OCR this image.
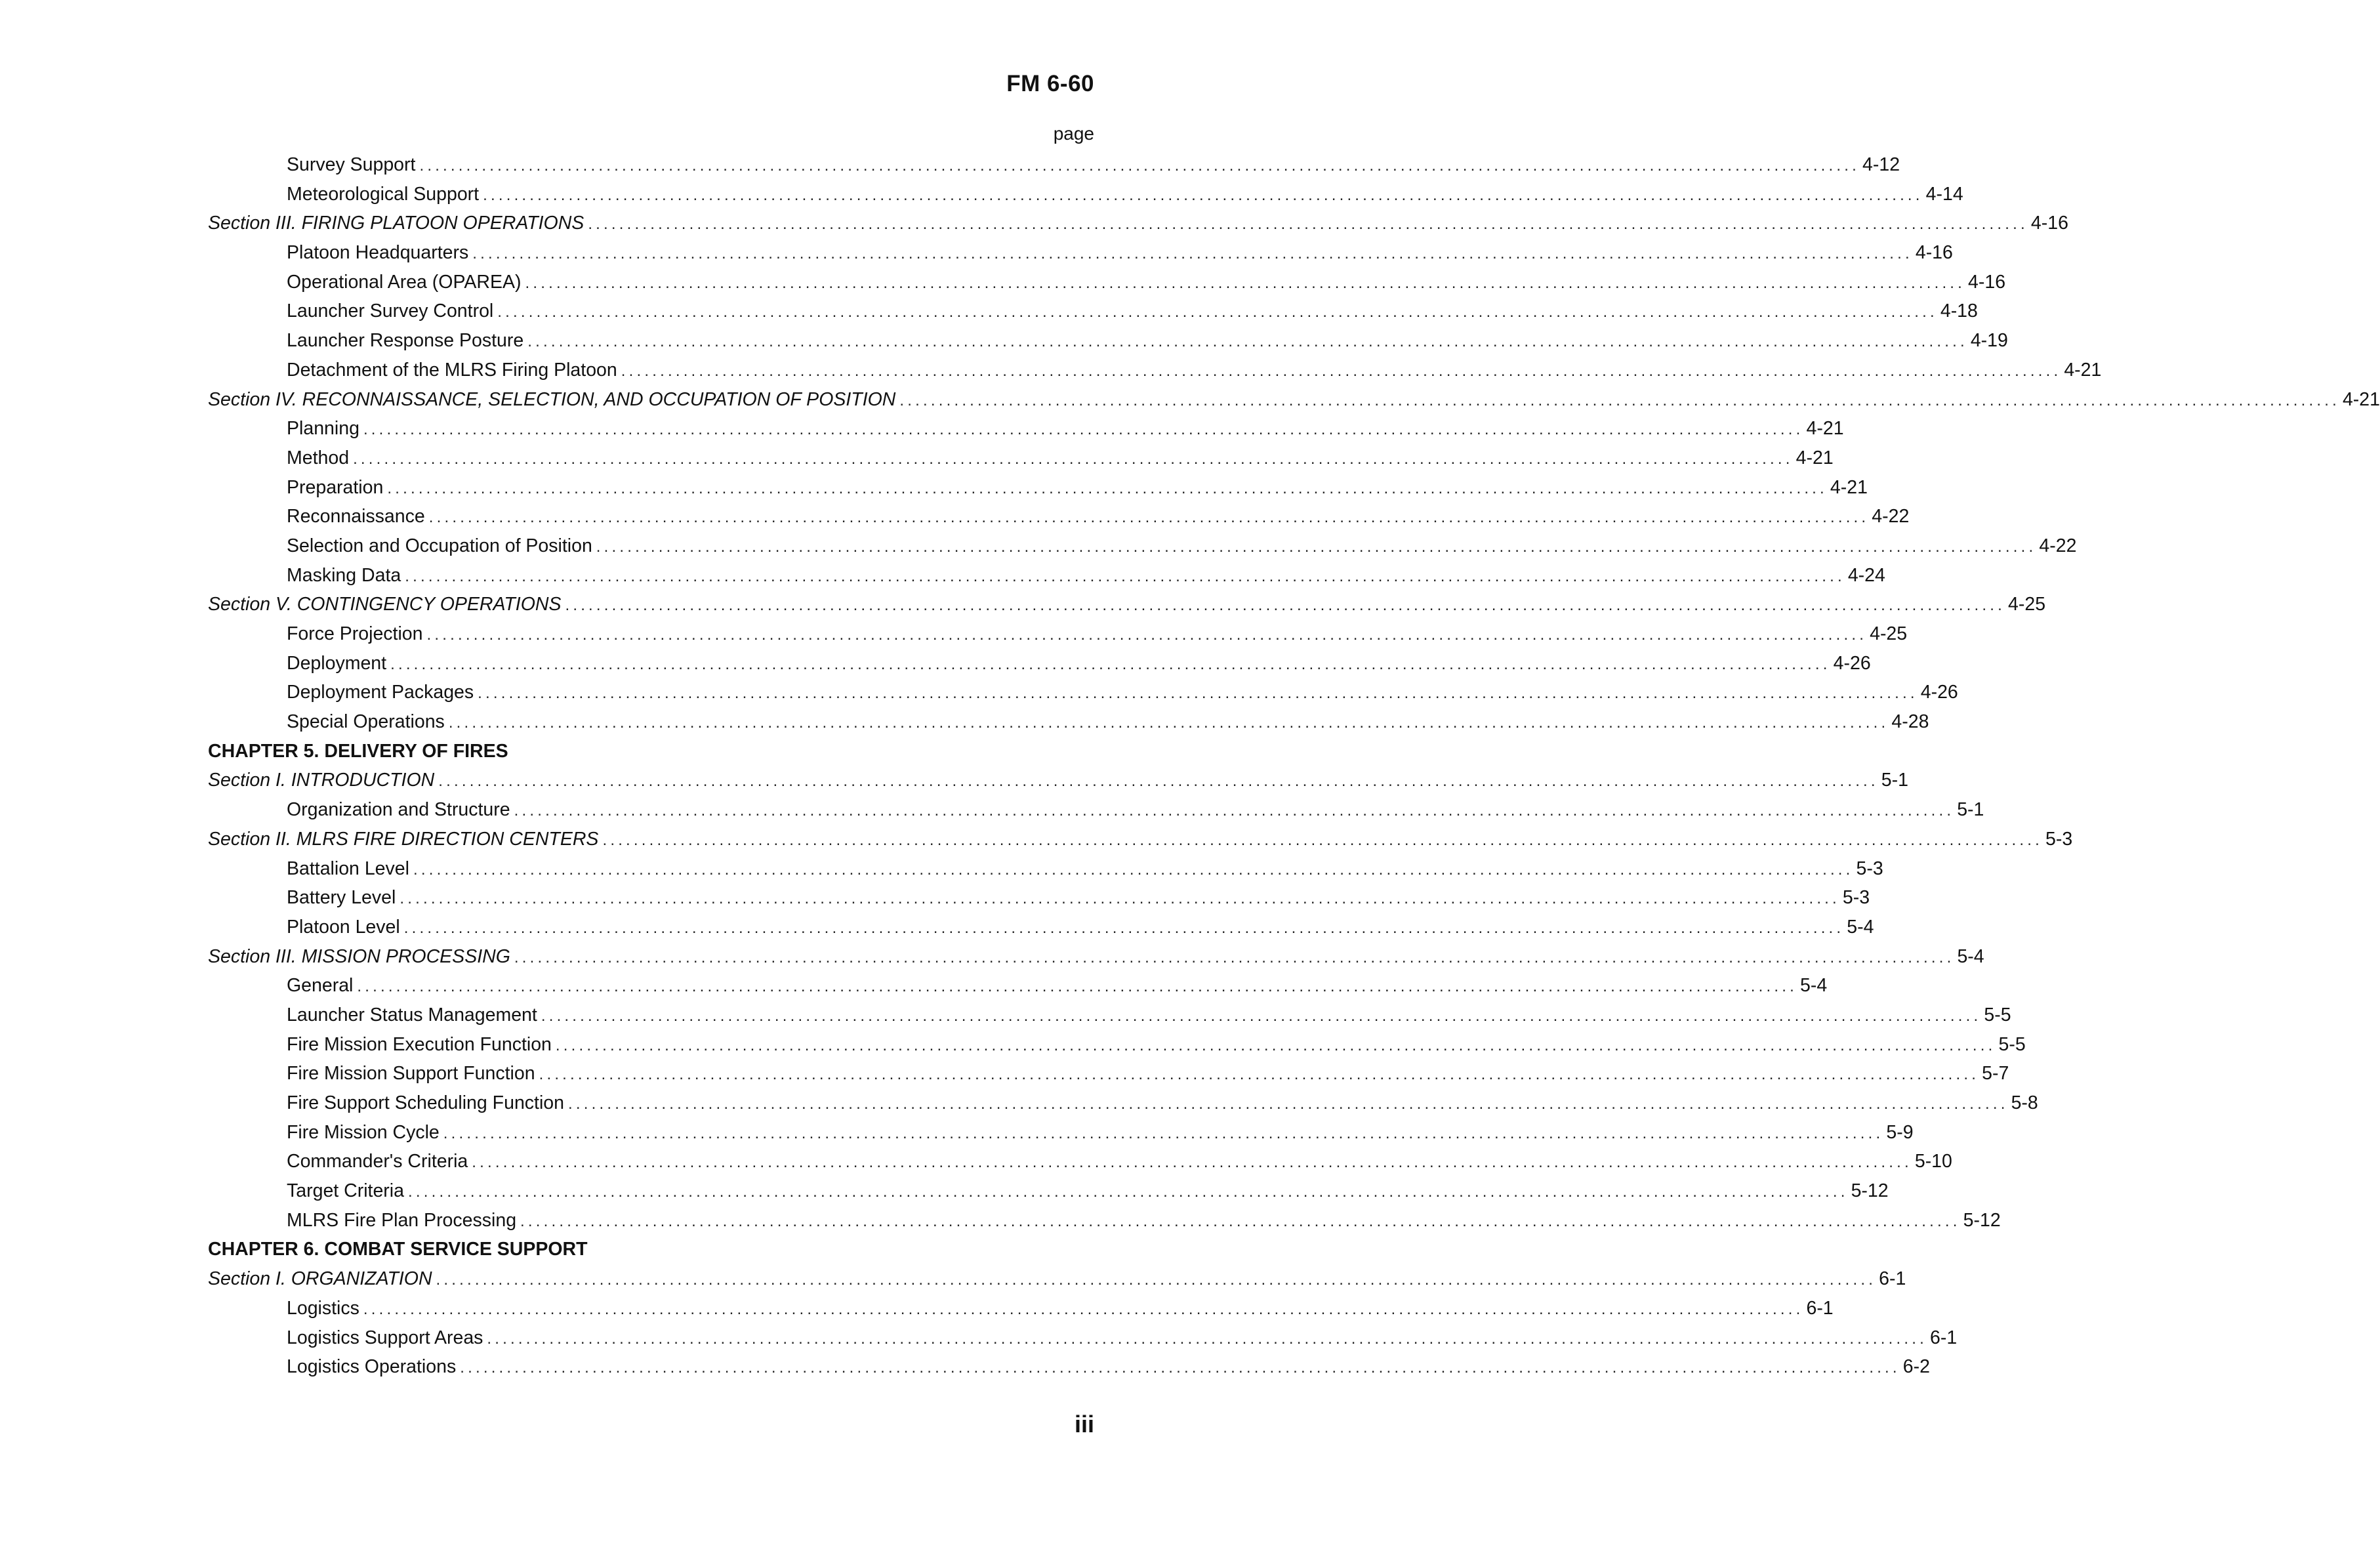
FM 6-60
page
Survey Support ......................................................................................................................................................................................... 4-12
Meteorological Support ......................................................................................................................................................................................... 4-14
Section III. FIRING PLATOON OPERATIONS ......................................................................................................................................................................................... 4-16
Platoon Headquarters ......................................................................................................................................................................................... 4-16
Operational Area (OPAREA) ......................................................................................................................................................................................... 4-16
Launcher Survey Control ......................................................................................................................................................................................... 4-18
Launcher Response Posture ......................................................................................................................................................................................... 4-19
Detachment of the MLRS Firing Platoon ......................................................................................................................................................................................... 4-21
Section IV. RECONNAISSANCE, SELECTION, AND OCCUPATION OF POSITION ......................................................................................................................................................................................... 4-21
Planning ......................................................................................................................................................................................... 4-21
Method ......................................................................................................................................................................................... 4-21
Preparation ......................................................................................................................................................................................... 4-21
Reconnaissance ......................................................................................................................................................................................... 4-22
Selection and Occupation of Position ......................................................................................................................................................................................... 4-22
Masking Data ......................................................................................................................................................................................... 4-24
Section V. CONTINGENCY OPERATIONS ......................................................................................................................................................................................... 4-25
Force Projection ......................................................................................................................................................................................... 4-25
Deployment ......................................................................................................................................................................................... 4-26
Deployment Packages ......................................................................................................................................................................................... 4-26
Special Operations ......................................................................................................................................................................................... 4-28
CHAPTER 5. DELIVERY OF FIRES
Section I. INTRODUCTION ......................................................................................................................................................................................... 5-1
Organization and Structure ......................................................................................................................................................................................... 5-1
Section II. MLRS FIRE DIRECTION CENTERS ......................................................................................................................................................................................... 5-3
Battalion Level ......................................................................................................................................................................................... 5-3
Battery Level ......................................................................................................................................................................................... 5-3
Platoon Level ......................................................................................................................................................................................... 5-4
Section III. MISSION PROCESSING ......................................................................................................................................................................................... 5-4
General ......................................................................................................................................................................................... 5-4
Launcher Status Management ......................................................................................................................................................................................... 5-5
Fire Mission Execution Function ......................................................................................................................................................................................... 5-5
Fire Mission Support Function ......................................................................................................................................................................................... 5-7
Fire Support Scheduling Function ......................................................................................................................................................................................... 5-8
Fire Mission Cycle ......................................................................................................................................................................................... 5-9
Commander's Criteria ......................................................................................................................................................................................... 5-10
Target Criteria ......................................................................................................................................................................................... 5-12
MLRS Fire Plan Processing ......................................................................................................................................................................................... 5-12
CHAPTER 6. COMBAT SERVICE SUPPORT
Section I. ORGANIZATION ......................................................................................................................................................................................... 6-1
Logistics ......................................................................................................................................................................................... 6-1
Logistics Support Areas ......................................................................................................................................................................................... 6-1
Logistics Operations ......................................................................................................................................................................................... 6-2
iii
